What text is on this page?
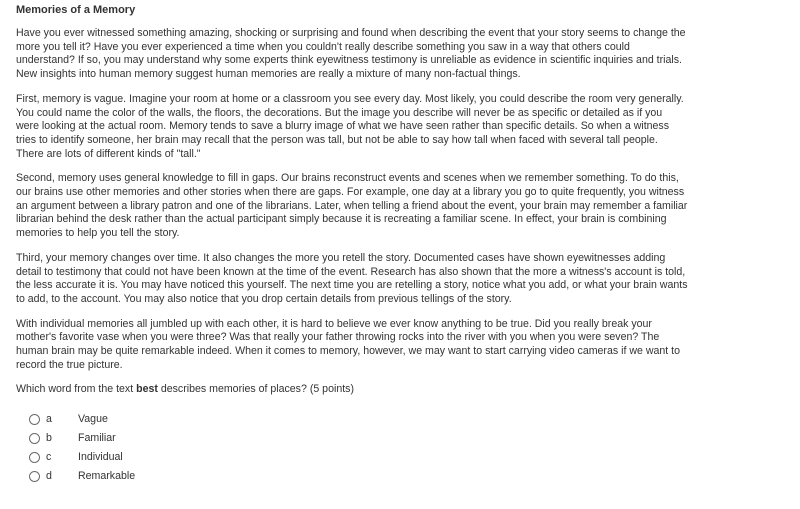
Memories of a Memory

Have you ever witnessed something amazing, shocking or surprising and found when describing the event that your story seems to change the more you tell it? Have you ever experienced a time when you couldn't really describe something you saw in a way that others could understand? If so, you may understand why some experts think eyewitness testimony is unreliable as evidence in scientific inquiries and trials. New insights into human memory suggest human memories are really a mixture of many non-factual things.

First, memory is vague. Imagine your room at home or a classroom you see every day. Most likely, you could describe the room very generally. You could name the color of the walls, the floors, the decorations. But the image you describe will never be as specific or detailed as if you were looking at the actual room. Memory tends to save a blurry image of what we have seen rather than specific details. So when a witness tries to identify someone, her brain may recall that the person was tall, but not be able to say how tall when faced with several tall people. There are lots of different kinds of "tall."

Second, memory uses general knowledge to fill in gaps. Our brains reconstruct events and scenes when we remember something. To do this, our brains use other memories and other stories when there are gaps. For example, one day at a library you go to quite frequently, you witness an argument between a library patron and one of the librarians. Later, when telling a friend about the event, your brain may remember a familiar librarian behind the desk rather than the actual participant simply because it is recreating a familiar scene. In effect, your brain is combining memories to help you tell the story.

Third, your memory changes over time. It also changes the more you retell the story. Documented cases have shown eyewitnesses adding detail to testimony that could not have been known at the time of the event. Research has also shown that the more a witness's account is told, the less accurate it is. You may have noticed this yourself. The next time you are retelling a story, notice what you add, or what your brain wants to add, to the account. You may also notice that you drop certain details from previous tellings of the story.

With individual memories all jumbled up with each other, it is hard to believe we ever know anything to be true. Did you really break your mother's favorite vase when you were three? Was that really your father throwing rocks into the river with you when you were seven? The human brain may be quite remarkable indeed. When it comes to memory, however, we may want to start carrying video cameras if we want to record the true picture.

Which word from the text best describes memories of places? (5 points)
a Vague
b Familiar
c	Individual
d Remarkable
